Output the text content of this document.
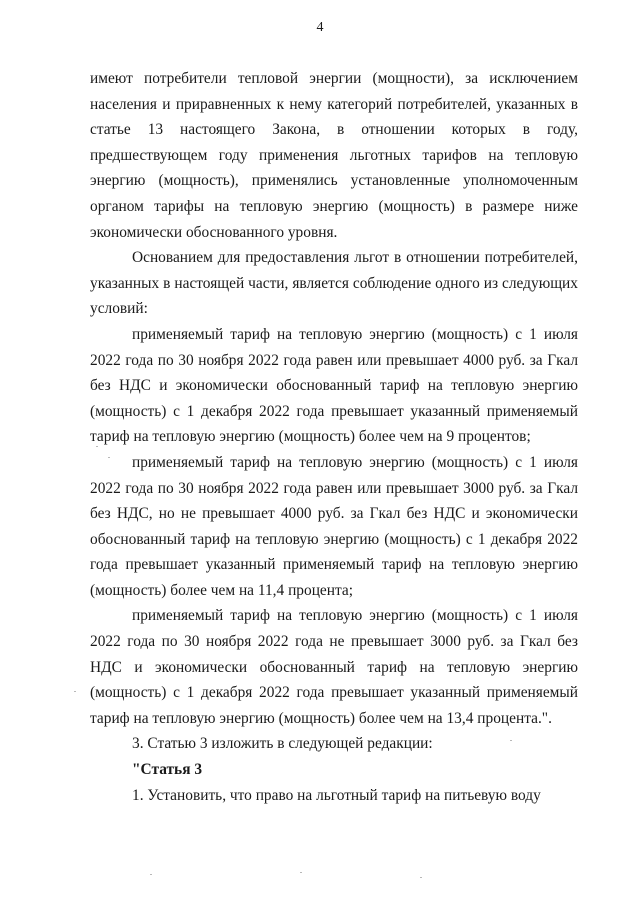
4

имеют потребители тепловой энергии (мощности), за исключением населения и приравненных к нему категорий потребителей, указанных в статье 13 настоящего Закона, в отношении которых в году, предшествующем году применения льготных тарифов на тепловую энергию (мощность), применялись установленные уполномоченным органом тарифы на тепловую энергию (мощность) в размере ниже экономически обоснованного уровня.

Основанием для предоставления льгот в отношении потребителей, указанных в настоящей части, является соблюдение одного из следующих условий:

применяемый тариф на тепловую энергию (мощность) с 1 июля 2022 года по 30 ноября 2022 года равен или превышает 4000 руб. за Гкал без НДС и экономически обоснованный тариф на тепловую энергию (мощность) с 1 декабря 2022 года превышает указанный применяемый тариф на тепловую энергию (мощность) более чем на 9 процентов;

применяемый тариф на тепловую энергию (мощность) с 1 июля 2022 года по 30 ноября 2022 года равен или превышает 3000 руб. за Гкал без НДС, но не превышает 4000 руб. за Гкал без НДС и экономически обоснованный тариф на тепловую энергию (мощность) с 1 декабря 2022 года превышает указанный применяемый тариф на тепловую энергию (мощность) более чем на 11,4 процента;

применяемый тариф на тепловую энергию (мощность) с 1 июля 2022 года по 30 ноября 2022 года не превышает 3000 руб. за Гкал без НДС и экономически обоснованный тариф на тепловую энергию (мощность) с 1 декабря 2022 года превышает указанный применяемый тариф на тепловую энергию (мощность) более чем на 13,4 процента.".

3. Статью 3 изложить в следующей редакции:

"Статья 3

1. Установить, что право на льготный тариф на питьевую воду
